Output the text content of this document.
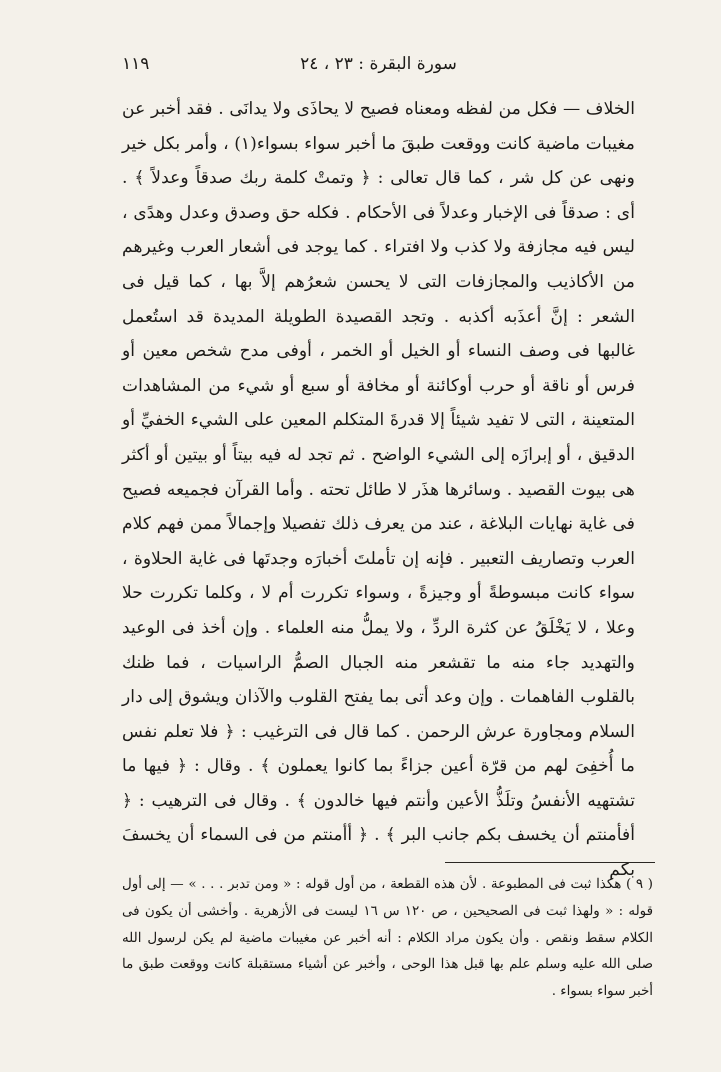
سورة البقرة : ٢٣ ، ٢٤
١١٩

الخلاف — فكل من لفظه ومعناه فصيح لا يحاذَى ولا يدانَى . فقد أخبر عن مغيبات ماضية كانت ووقعت طبقَ ما أخبر سواء بسواء(١) ، وأمر بكل خير ونهى عن كل شر ، كما قال تعالى : ﴿ وتمتْ كلمة ربك صدقاً وعدلاً ﴾ . أى : صدقاً فى الإخبار وعدلاً فى الأحكام . فكله حق وصدق وعدل وهدًى ، ليس فيه مجازفة ولا كذب ولا افتراء . كما يوجد فى أشعار العرب وغيرهم من الأكاذيب والمجازفات التى لا يحسن شعرُهم إلاَّ بها ، كما قيل فى الشعر : إنَّ أعذَبه أكذبه . وتجد القصيدة الطويلة المديدة قد استُعمل غالبها فى وصف النساء أو الخيل أو الخمر ، أوفى مدح شخص معين أو فرس أو ناقة أو حرب أوكائنة أو مخافة أو سبع أو شيء من المشاهدات المتعينة ، التى لا تفيد شيئاً إلا قدرةَ المتكلم المعين على الشيء الخفيِّ أو الدقيق ، أو إبرازَه إلى الشيء الواضح . ثم تجد له فيه بيتاً أو بيتين أو أكثر هى بيوت القصيد . وسائرها هذَر لا طائل تحته . وأما القرآن فجميعه فصيح فى غاية نهايات البلاغة ، عند من يعرف ذلك تفصيلا وإجمالاً ممن فهم كلام العرب وتصاريف التعبير . فإنه إن تأملتَ أخبارَه وجدتَها فى غاية الحلاوة ، سواء كانت مبسوطةً أو وجيزةً ، وسواء تكررت أم لا ، وكلما تكررت حلا وعلا ، لا يَخْلَقُ عن كثرة الردِّ ، ولا يملُّ منه العلماء . وإن أخذ فى الوعيد والتهديد جاء منه ما تقشعر منه الجبال الصمُّ الراسيات ، فما ظنك بالقلوب الفاهمات . وإن وعد أتى بما يفتح القلوب والآذان ويشوق إلى دار السلام ومجاورة عرش الرحمن . كما قال فى الترغيب : ﴿ فلا تعلم نفس ما أُخفِىَ لهم من قرّة أعين جزاءً بما كانوا يعملون ﴾ . وقال : ﴿ فيها ما تشتهيه الأنفسُ وتلَذُّ الأعين وأنتم فيها خالدون ﴾ . وقال فى الترهيب : ﴿ أفأمنتم أن يخسف بكم جانب البر ﴾ . ﴿ أأمنتم من فى السماء أن يخسفَ بكم

( ٩ ) هكذا ثبت فى المطبوعة . لأن هذه القطعة ، من أول قوله : « ومن تدبر . . . » — إلى أول قوله : « ولهذا ثبت فى الصحيحين ، ص ١٢٠ س ١٦ ليست فى الأزهرية . وأخشى أن يكون فى الكلام سقط ونقص . وأن يكون مراد الكلام : أنه أخبر عن مغيبات ماضية لم يكن لرسول الله صلى الله عليه وسلم علم بها قبل هذا الوحى ، وأخبر عن أشياء مستقبلة كانت ووقعت طبق ما أخبر سواء بسواء .
